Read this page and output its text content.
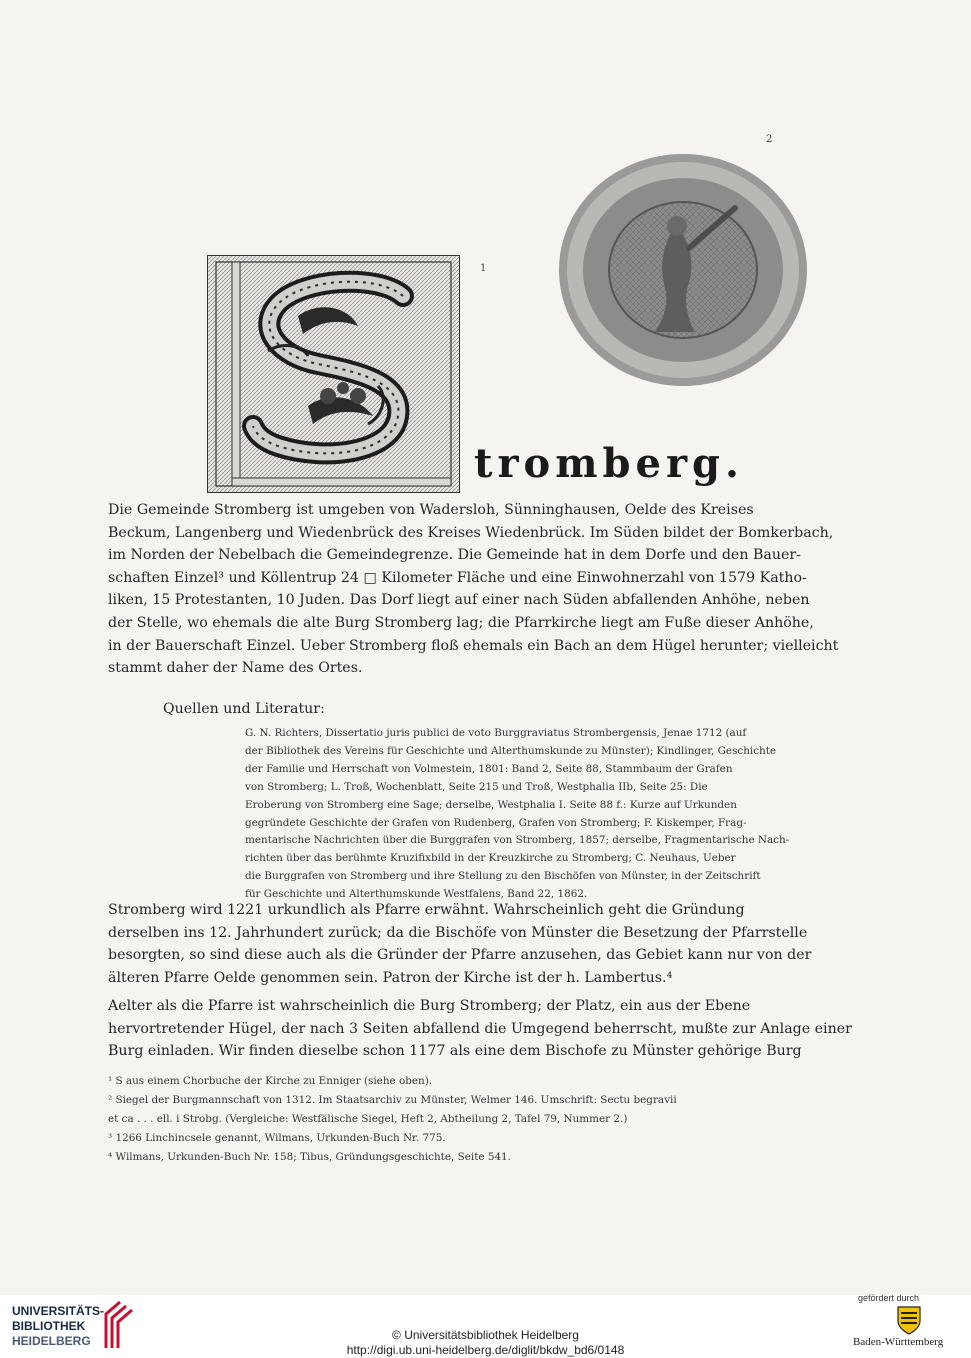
2
1
tromberg.
Die Gemeinde Stromberg ist umgeben von Wadersloh, Sünninghausen, Oelde des Kreises
Beckum, Langenberg und Wiedenbrück des Kreises Wiedenbrück. Im Süden bildet der Bomkerbach,
im Norden der Nebelbach die Gemeindegrenze. Die Gemeinde hat in dem Dorfe und den Bauer-
schaften Einzel³ und Köllentrup 24 □ Kilometer Fläche und eine Einwohnerzahl von 1579 Katho-
liken, 15 Protestanten, 10 Juden. Das Dorf liegt auf einer nach Süden abfallenden Anhöhe, neben
der Stelle, wo ehemals die alte Burg Stromberg lag; die Pfarrkirche liegt am Fuße dieser Anhöhe,
in der Bauerschaft Einzel. Ueber Stromberg floß ehemals ein Bach an dem Hügel herunter; vielleicht
stammt daher der Name des Ortes.
Quellen und Literatur:
G. N. Richters, Dissertatio juris publici de voto Burggraviatus Strombergensis, Jenae 1712 (auf
der Bibliothek des Vereins für Geschichte und Alterthumskunde zu Münster); Kindlinger, Geschichte
der Familie und Herrschaft von Volmestein, 1801: Band 2, Seite 88, Stammbaum der Grafen
von Stromberg; L. Troß, Wochenblatt, Seite 215 und Troß, Westphalia IIb, Seite 25: Die
Eroberung von Stromberg eine Sage; derselbe, Westphalia I. Seite 88 f.: Kurze auf Urkunden
gegründete Geschichte der Grafen von Rudenberg, Grafen von Stromberg; F. Kiskemper, Frag-
mentarische Nachrichten über die Burggrafen von Stromberg, 1857; derselbe, Fragmentarische Nach-
richten über das berühmte Kruzifixbild in der Kreuzkirche zu Stromberg; C. Neuhaus, Ueber
die Burggrafen von Stromberg und ihre Stellung zu den Bischöfen von Münster, in der Zeitschrift
für Geschichte und Alterthumskunde Westfalens, Band 22, 1862.
Stromberg wird 1221 urkundlich als Pfarre erwähnt. Wahrscheinlich geht die Gründung
derselben ins 12. Jahrhundert zurück; da die Bischöfe von Münster die Besetzung der Pfarrstelle
besorgten, so sind diese auch als die Gründer der Pfarre anzusehen, das Gebiet kann nur von der
älteren Pfarre Oelde genommen sein. Patron der Kirche ist der h. Lambertus.⁴
Aelter als die Pfarre ist wahrscheinlich die Burg Stromberg; der Platz, ein aus der Ebene
hervortretender Hügel, der nach 3 Seiten abfallend die Umgegend beherrscht, mußte zur Anlage einer
Burg einladen. Wir finden dieselbe schon 1177 als eine dem Bischofe zu Münster gehörige Burg
¹ S aus einem Chorbuche der Kirche zu Enniger (siehe oben).
² Siegel der Burgmannschaft von 1312. Im Staatsarchiv zu Münster, Welmer 146. Umschrift: Sectu begravii
et ca . . . ell. i Strobg. (Vergleiche: Westfälische Siegel, Heft 2, Abtheilung 2, Tafel 79, Nummer 2.)
³ 1266 Linchincsele genannt, Wilmans, Urkunden-Buch Nr. 775.
⁴ Wilmans, Urkunden-Buch Nr. 158; Tibus, Gründungsgeschichte, Seite 541.
UNIVERSITÄTS-
BIBLIOTHEK
HEIDELBERG	© Universitätsbibliothek Heidelberg
http://digi.ub.uni-heidelberg.de/diglit/bkdw_bd6/0148
gefördert durch
Baden-Württemberg
